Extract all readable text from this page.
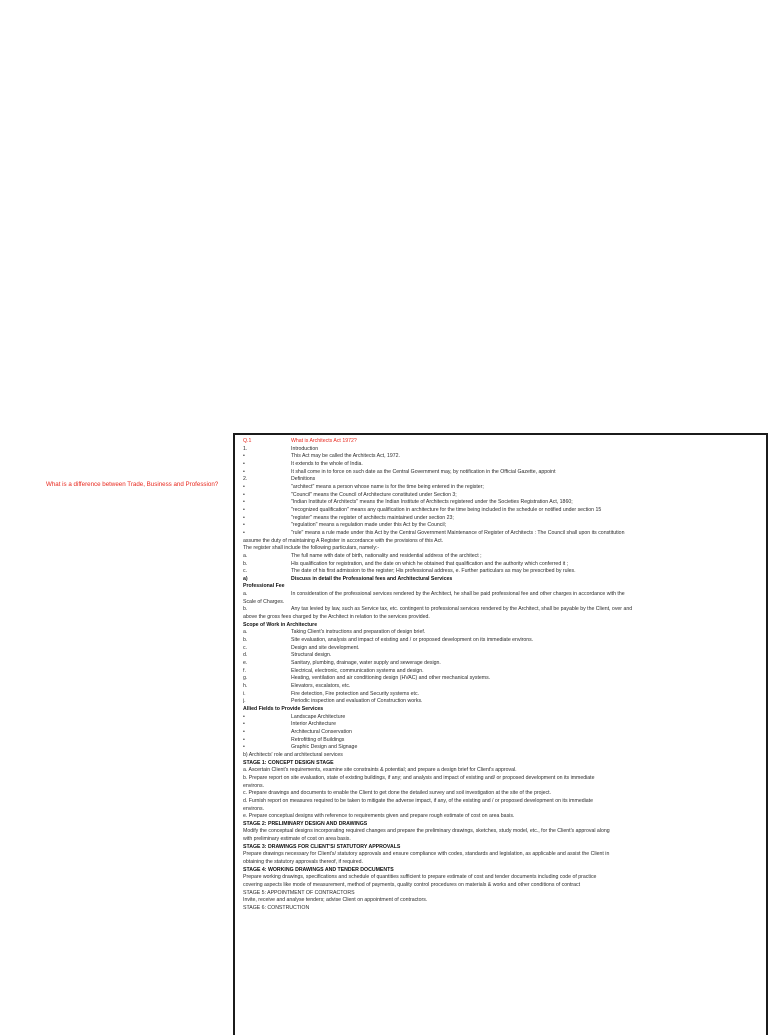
What is a difference between Trade, Business and Profession?
Q.1	What is Architects Act 1972?
1.	Introduction
•	This Act may be called the Architects Act, 1972.
•	It extends to the whole of India.
•	It shall come in to force on such date as the Central Government may, by notification in the Official Gazette, appoint
2.	Definitions
•	"architect" means a person whose name is for the time being entered in the register;
•	"Council" means the Council of Architecture constituted under Section 3;
•	"Indian Institute of Architects" means the Indian Institute of Architects registered under the Societies Registration Act, 1860;
•	"recognized qualification" means any qualification in architecture for the time being included in the schedule or notified under section 15
•	"register" means the register of architects maintained under section 23;
•	"regulation" means a regulation made under this Act by the Council;
•	"rule" means a rule made under this Act by the Central Government Maintenance of Register of Architects : The Council shall upon its constitution
assume the duty of maintaining A Register in accordance with the provisions of this Act.
The register shall include the following particulars, namely:-
a.	The full name with date of birth, nationality and residential address of the architect ;
b.	His qualification for registration, and the date on which he obtained that qualification and the authority which conferred it ;
c.	The date of his first admission to the register; His professional address, e. Further particulars as may be prescribed by rules.
a)	Discuss in detail the Professional fees and Architectural Services
Professional Fee
a.	In consideration of the professional services rendered by the Architect, he shall be paid professional fee and other charges in accordance with the
Scale of Charges.
b.	Any tax levied by law, such as Service tax, etc. contingent to professional services rendered by the Architect, shall be payable by the Client, over and
above the gross fees charged by the Architect in relation to the services provided.
Scope of Work in Architecture
a.	Taking Client's instructions and preparation of design brief.
b.	Site evaluation, analysis and impact of existing and / or proposed development on its immediate environs.
c.	Design and site development.
d.	Structural design.
e.	Sanitary, plumbing, drainage, water supply and sewerage design.
f.	Electrical, electronic, communication systems and design.
g.	Heating, ventilation and air conditioning design (HVAC) and other mechanical systems.
h.	Elevators, escalators, etc.
i.	Fire detection, Fire protection and Security systems etc.
j.	Periodic inspection and evaluation of Construction works.
Allied Fields to Provide Services
•	Landscape Architecture
•	Interior Architecture
•	Architectural Conservation
•	Retrofitting of Buildings
•	Graphic Design and Signage
b) Architects' role and architectural services
STAGE 1: CONCEPT DESIGN STAGE
a. Ascertain Client's requirements, examine site constraints & potential; and prepare a design brief for Client's approval.
b. Prepare report on site evaluation, state of existing buildings, if any; and analysis and impact of existing and/ or proposed development on its immediate
environs.
c. Prepare drawings and documents to enable the Client to get done the detailed survey and soil investigation at the site of the project.
d. Furnish report on measures required to be taken to mitigate the adverse impact, if any, of the existing and / or proposed development on its immediate
environs.
e. Prepare conceptual designs with reference to requirements given and prepare rough estimate of cost on area basis.
STAGE 2: PRELIMINARY DESIGN AND DRAWINGS
Modify the conceptual designs incorporating required changes and prepare the preliminary drawings, sketches, study model, etc., for the Client's approval along
with preliminary estimate of cost on area basis.
STAGE 3: DRAWINGS FOR CLIENT'S/ STATUTORY APPROVALS
Prepare drawings necessary for Client's/ statutory approvals and ensure compliance with codes, standards and legislation, as applicable and assist the Client in
obtaining the statutory approvals thereof, if required.
STAGE 4: WORKING DRAWINGS AND TENDER DOCUMENTS
Prepare working drawings, specifications and schedule of quantities sufficient to prepare estimate of cost and tender documents including code of practice
covering aspects like mode of measurement, method of payments, quality control procedures on materials & works and other conditions of contract
STAGE 5: APPOINTMENT OF CONTRACTORS
Invite, receive and analyse tenders; advise Client on appointment of contractors.
STAGE 6: CONSTRUCTION
